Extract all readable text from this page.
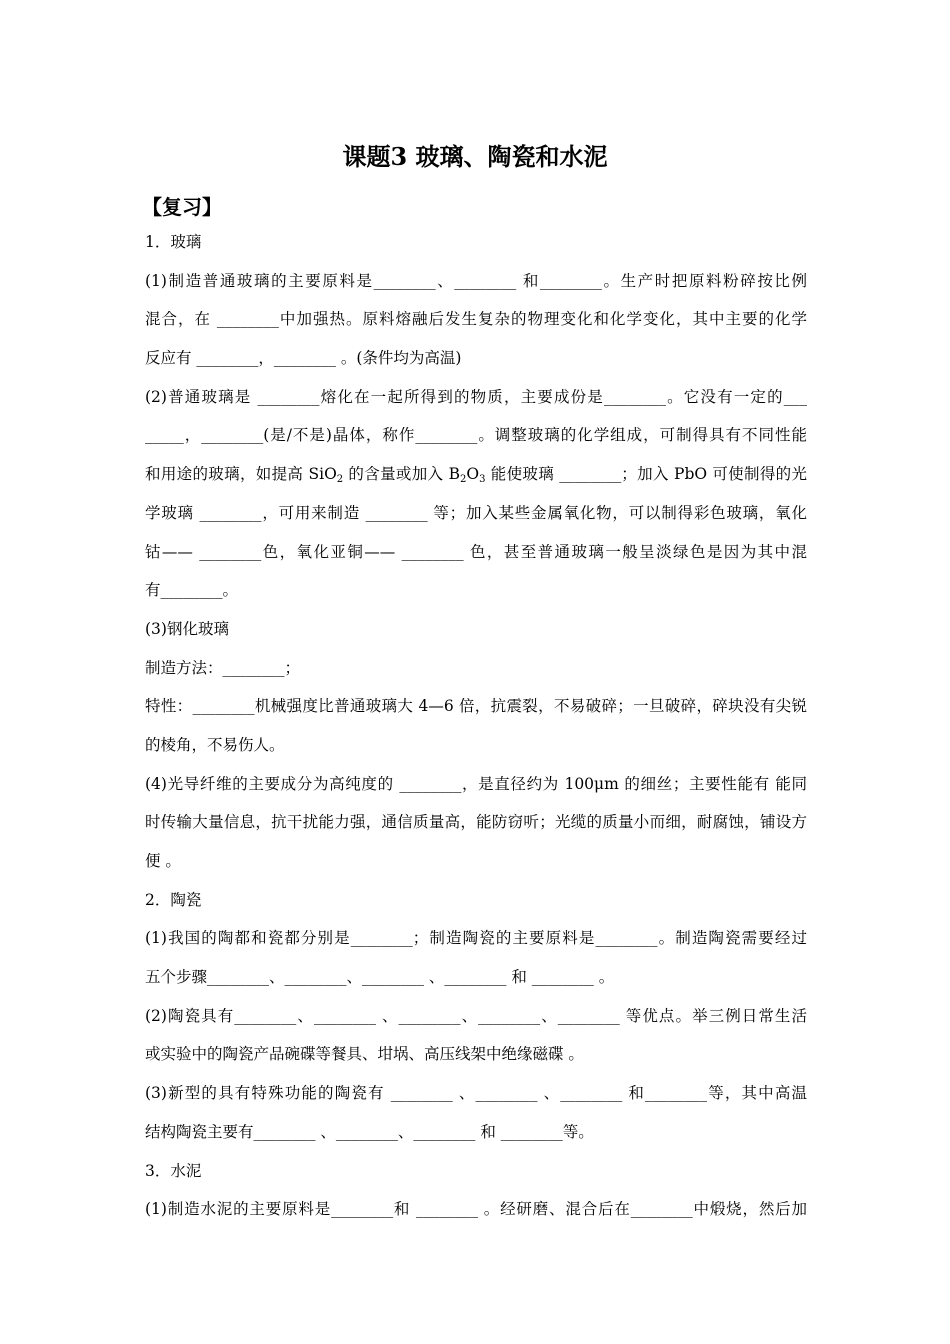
课题3 玻璃、陶瓷和水泥
【复习】
1．玻璃
(1)制造普通玻璃的主要原料是________、________ 和________。生产时把原料粉碎按比例
混合，在 ________中加强热。原料熔融后发生复杂的物理变化和化学变化，其中主要的化学
反应有 ________，________ 。(条件均为高温)
(2)普通玻璃是 ________熔化在一起所得到的物质，主要成份是________。它没有一定的___
_____，________(是/不是)晶体，称作________。调整玻璃的化学组成，可制得具有不同性能
和用途的玻璃，如提高 SiO$_2$ 的含量或加入 $B_2O_3$ 能使玻璃 ________；加入 PbO 可使制得的光
学玻璃 ________，可用来制造 ________ 等；加入某些金属氧化物，可以制得彩色玻璃，氧化
钴—— ________色，氧化亚铜—— ________ 色，甚至普通玻璃一般呈淡绿色是因为其中混
有________。
(3)钢化玻璃
制造方法：________；
特性：________机械强度比普通玻璃大 4—6 倍，抗震裂，不易破碎；一旦破碎，碎块没有尖锐
的棱角，不易伤人。
(4)光导纤维的主要成分为高纯度的 ________，是直径约为 100μm 的细丝；主要性能有 能同
时传输大量信息，抗干扰能力强，通信质量高，能防窃听；光缆的质量小而细，耐腐蚀，铺设方
便 。
2．陶瓷
(1)我国的陶都和瓷都分别是________；制造陶瓷的主要原料是________。制造陶瓷需要经过
五个步骤________、________、________ 、________ 和 ________ 。
(2)陶瓷具有________、________ 、________、________、________ 等优点。举三例日常生活
或实验中的陶瓷产品碗碟等餐具、坩埚、高压线架中绝缘磁碟 。
(3)新型的具有特殊功能的陶瓷有 ________ 、________ 、________ 和________等，其中高温
结构陶瓷主要有________ 、________、________ 和 ________等。
3．水泥
(1)制造水泥的主要原料是________和 ________ 。经研磨、混合后在________中煅烧，然后加
